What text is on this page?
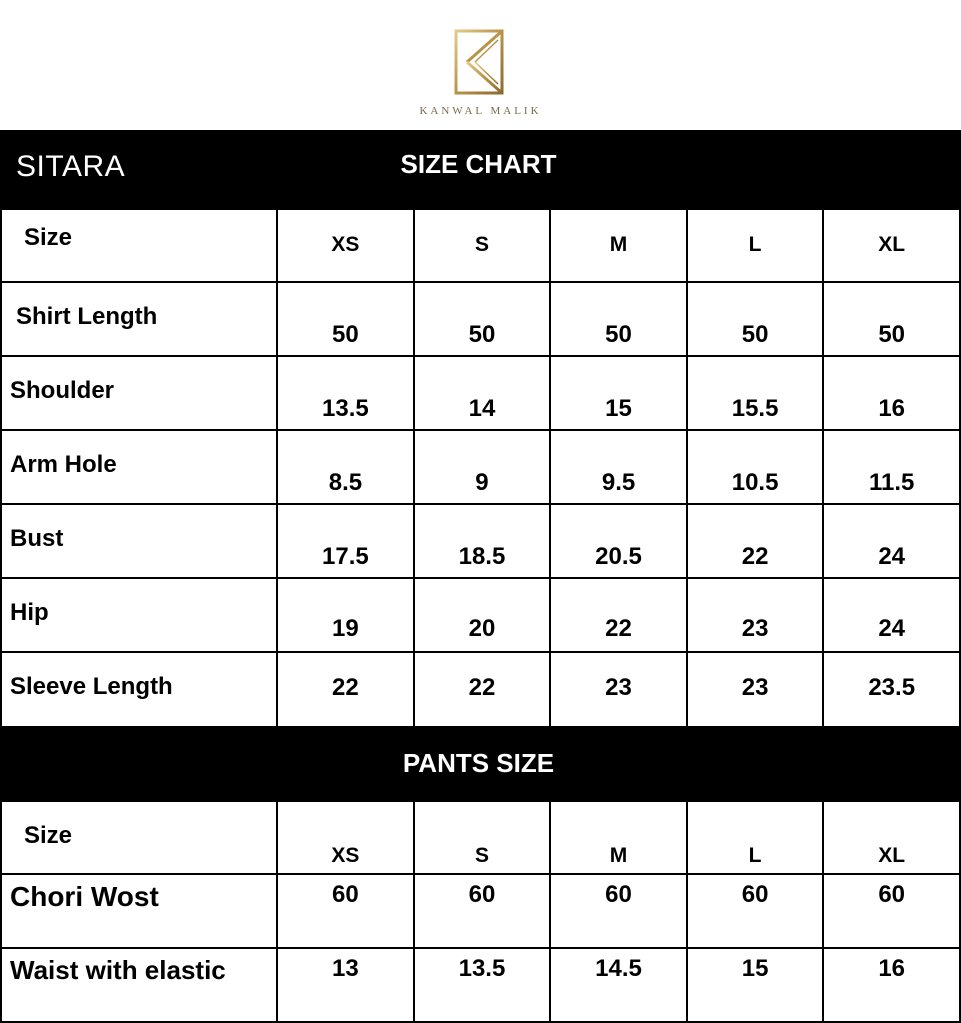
KANWAL MALIK
SITARA	SIZE CHART
Size	XS	S	M	L	XL

Shirt Length	50	50	50	50	50

Shoulder	13.5	14	15	15.5	16

Arm Hole	8.5	9	9.5	10.5	11.5

Bust	17.5	18.5	20.5	22	24

Hip	19	20	22	23	24

Sleeve Length	22	22	23	23	23.5
PANTS SIZE
Size	XS	S	M	L	XL

Chori Wost	60	60	60	60	60

Waist with elastic	13	13.5	14.5	15	16
